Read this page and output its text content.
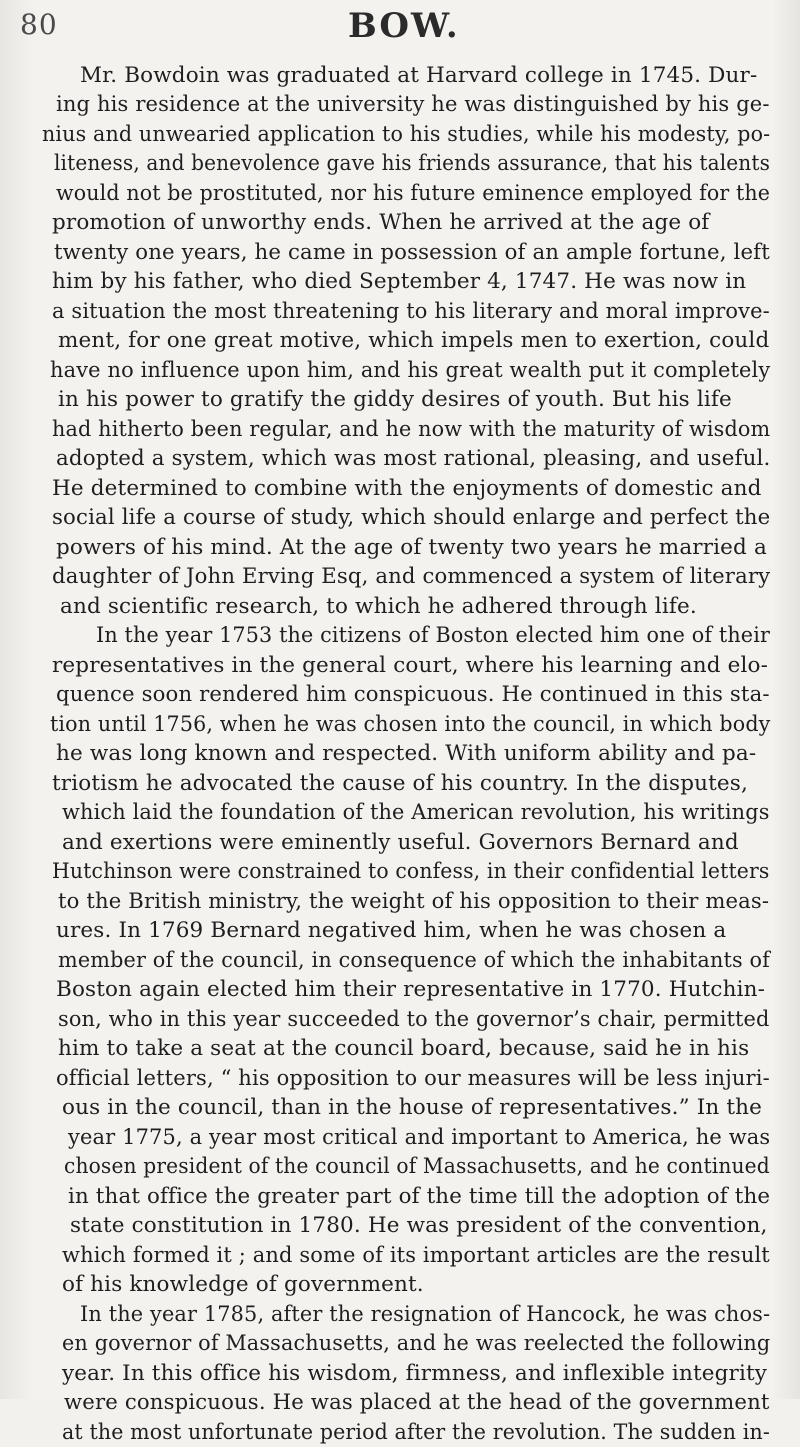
80	BOW.
Mr. Bowdoin was graduated at Harvard college in 1745. Dur-
ing his residence at the university he was distinguished by his ge-
nius and unwearied application to his studies, while his modesty, po-
liteness, and benevolence gave his friends assurance, that his talents
would not be prostituted, nor his future eminence employed for the
promotion of unworthy ends. When he arrived at the age of
twenty one years, he came in possession of an ample fortune, left
him by his father, who died September 4, 1747. He was now in
a situation the most threatening to his literary and moral improve-
ment, for one great motive, which impels men to exertion, could
have no influence upon him, and his great wealth put it completely
in his power to gratify the giddy desires of youth. But his life
had hitherto been regular, and he now with the maturity of wisdom
adopted a system, which was most rational, pleasing, and useful.
He determined to combine with the enjoyments of domestic and
social life a course of study, which should enlarge and perfect the
powers of his mind. At the age of twenty two years he married a
daughter of John Erving Esq, and commenced a system of literary
and scientific research, to which he adhered through life.
In the year 1753 the citizens of Boston elected him one of their
representatives in the general court, where his learning and elo-
quence soon rendered him conspicuous. He continued in this sta-
tion until 1756, when he was chosen into the council, in which body
he was long known and respected. With uniform ability and pa-
triotism he advocated the cause of his country. In the disputes,
which laid the foundation of the American revolution, his writings
and exertions were eminently useful. Governors Bernard and
Hutchinson were constrained to confess, in their confidential letters
to the British ministry, the weight of his opposition to their meas-
ures. In 1769 Bernard negatived him, when he was chosen a
member of the council, in consequence of which the inhabitants of
Boston again elected him their representative in 1770. Hutchin-
son, who in this year succeeded to the governor’s chair, permitted
him to take a seat at the council board, because, said he in his
official letters, “ his opposition to our measures will be less injuri-
ous in the council, than in the house of representatives.” In the
year 1775, a year most critical and important to America, he was
chosen president of the council of Massachusetts, and he continued
in that office the greater part of the time till the adoption of the
state constitution in 1780. He was president of the convention,
which formed it ; and some of its important articles are the result
of his knowledge of government.
In the year 1785, after the resignation of Hancock, he was chos-
en governor of Massachusetts, and he was reelected the following
year. In this office his wisdom, firmness, and inflexible integrity
were conspicuous. He was placed at the head of the government
at the most unfortunate period after the revolution. The sudden in-
